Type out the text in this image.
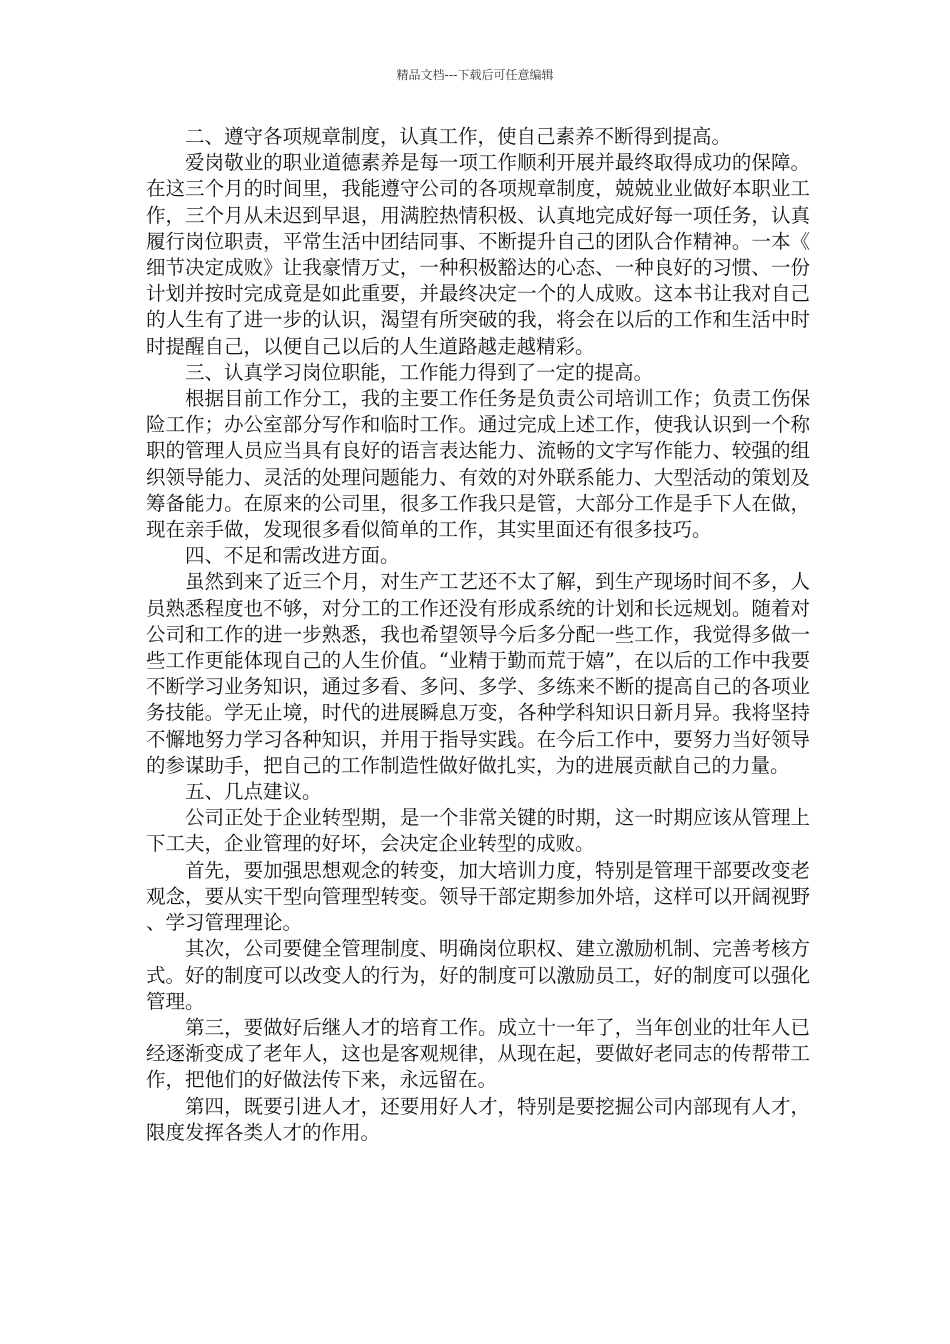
精品文档---下载后可任意编辑

二、遵守各项规章制度，认真工作，使自己素养不断得到提高。

爱岗敬业的职业道德素养是每一项工作顺利开展并最终取得成功的保障。在这三个月的时间里，我能遵守公司的各项规章制度，兢兢业业做好本职业工作，三个月从未迟到早退，用满腔热情积极、认真地完成好每一项任务，认真履行岗位职责，平常生活中团结同事、不断提升自己的团队合作精神。一本《细节决定成败》让我豪情万丈，一种积极豁达的心态、一种良好的习惯、一份计划并按时完成竟是如此重要，并最终决定一个的人成败。这本书让我对自己的人生有了进一步的认识，渴望有所突破的我，将会在以后的工作和生活中时时提醒自己，以便自己以后的人生道路越走越精彩。

三、认真学习岗位职能，工作能力得到了一定的提高。

根据目前工作分工，我的主要工作任务是负责公司培训工作；负责工伤保险工作；办公室部分写作和临时工作。通过完成上述工作，使我认识到一个称职的管理人员应当具有良好的语言表达能力、流畅的文字写作能力、较强的组织领导能力、灵活的处理问题能力、有效的对外联系能力、大型活动的策划及筹备能力。在原来的公司里，很多工作我只是管，大部分工作是手下人在做，现在亲手做，发现很多看似简单的工作，其实里面还有很多技巧。

四、不足和需改进方面。

虽然到来了近三个月，对生产工艺还不太了解，到生产现场时间不多，人员熟悉程度也不够，对分工的工作还没有形成系统的计划和长远规划。随着对公司和工作的进一步熟悉，我也希望领导今后多分配一些工作，我觉得多做一些工作更能体现自己的人生价值。“业精于勤而荒于嬉”，在以后的工作中我要不断学习业务知识，通过多看、多问、多学、多练来不断的提高自己的各项业务技能。学无止境，时代的进展瞬息万变，各种学科知识日新月异。我将坚持不懈地努力学习各种知识，并用于指导实践。在今后工作中，要努力当好领导的参谋助手，把自己的工作制造性做好做扎实，为的进展贡献自己的力量。

五、几点建议。

公司正处于企业转型期，是一个非常关键的时期，这一时期应该从管理上下工夫，企业管理的好坏，会决定企业转型的成败。

首先，要加强思想观念的转变，加大培训力度，特别是管理干部要改变老观念，要从实干型向管理型转变。领导干部定期参加外培，这样可以开阔视野、学习管理理论。

其次，公司要健全管理制度、明确岗位职权、建立激励机制、完善考核方式。好的制度可以改变人的行为，好的制度可以激励员工，好的制度可以强化管理。

第三，要做好后继人才的培育工作。成立十一年了，当年创业的壮年人已经逐渐变成了老年人，这也是客观规律，从现在起，要做好老同志的传帮带工作，把他们的好做法传下来，永远留在。

第四，既要引进人才，还要用好人才，特别是要挖掘公司内部现有人才，限度发挥各类人才的作用。
